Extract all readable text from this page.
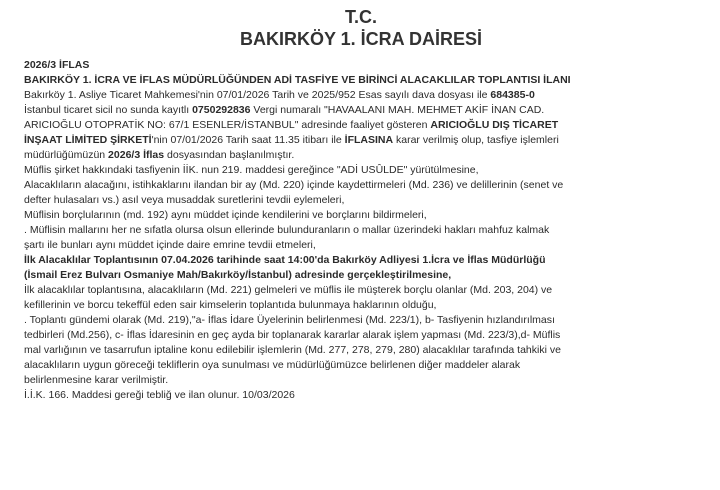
T.C.
BAKIRKÖY 1. İCRA DAİRESİ
2026/3 İFLAS
BAKIRKÖY 1. İCRA VE İFLAS MÜDÜRLÜĞÜNDEN ADİ TASFİYE VE BİRİNCİ ALACAKLILAR TOPLANTISI İLANI

Bakırköy 1. Asliye Ticaret Mahkemesi'nin 07/01/2026 Tarih ve 2025/952 Esas sayılı dava dosyası ile 684385-0
İstanbul ticaret sicil no sunda kayıtlı 0750292836 Vergi numaralı "HAVAALANI MAH. MEHMET AKİF İNAN CAD.
ARICIOĞLU OTOPRATİK NO: 67/1 ESENLER/İSTANBUL" adresinde faaliyet gösteren ARICIOĞLU DIŞ TİCARET
İNŞAAT LİMİTED ŞİRKETİ'nin 07/01/2026 Tarih saat 11.35 itibarı ile İFLASINA karar verilmiş olup, tasfiye işlemleri
müdürlüğümüzün 2026/3 İflas dosyasından başlanılmıştır.

Müflis şirket hakkındaki tasfiyenin İİK. nun 219. maddesi gereğince "ADİ USÛLDE" yürütülmesine,

Alacaklıların alacağını, istihkaklarını ilandan bir ay (Md. 220) içinde kaydettirmeleri (Md. 236) ve delillerinin (senet ve

defter hulasaları vs.) asıl veya musaddak suretlerini tevdii eylemeleri,

Müflisin borçlularının (md. 192) aynı müddet içinde kendilerini ve borçlarını bildirmeleri,

. Müflisin mallarını her ne sıfatla olursa olsun ellerinde bulunduranların o mallar üzerindeki hakları mahfuz kalmak

şartı ile bunları aynı müddet içinde daire emrine tevdii etmeleri,

İlk Alacaklılar Toplantısının 07.04.2026 tarihinde saat 14:00'da Bakırköy Adliyesi 1.İcra ve İflas Müdürlüğü

(İsmail Erez Bulvarı Osmaniye Mah/Bakırköy/İstanbul) adresinde gerçekleştirilmesine,

İlk alacaklılar toplantısına, alacaklıların (Md. 221) gelmeleri ve müflis ile müşterek borçlu olanlar (Md. 203, 204) ve

kefillerinin ve borcu tekeffül eden sair kimselerin toplantıda bulunmaya haklarının olduğu,

. Toplantı gündemi olarak (Md. 219),"a- İflas İdare Üyelerinin belirlenmesi (Md. 223/1), b- Tasfiyenin hızlandırılması

tedbirleri (Md.256), c- İflas İdaresinin en geç ayda bir toplanarak kararlar alarak işlem yapması (Md. 223/3),d- Müflis

mal varlığının ve tasarrufun iptaline konu edilebilir işlemlerin (Md. 277, 278, 279, 280) alacaklılar tarafında tahkiki ve

alacaklıların uygun göreceği tekliflerin oya sunulması ve müdürlüğümüzce belirlenen diğer maddeler alarak

belirlenmesine karar verilmiştir.

İ.İ.K. 166. Maddesi gereği tebliğ ve ilan olunur. 10/03/2026
